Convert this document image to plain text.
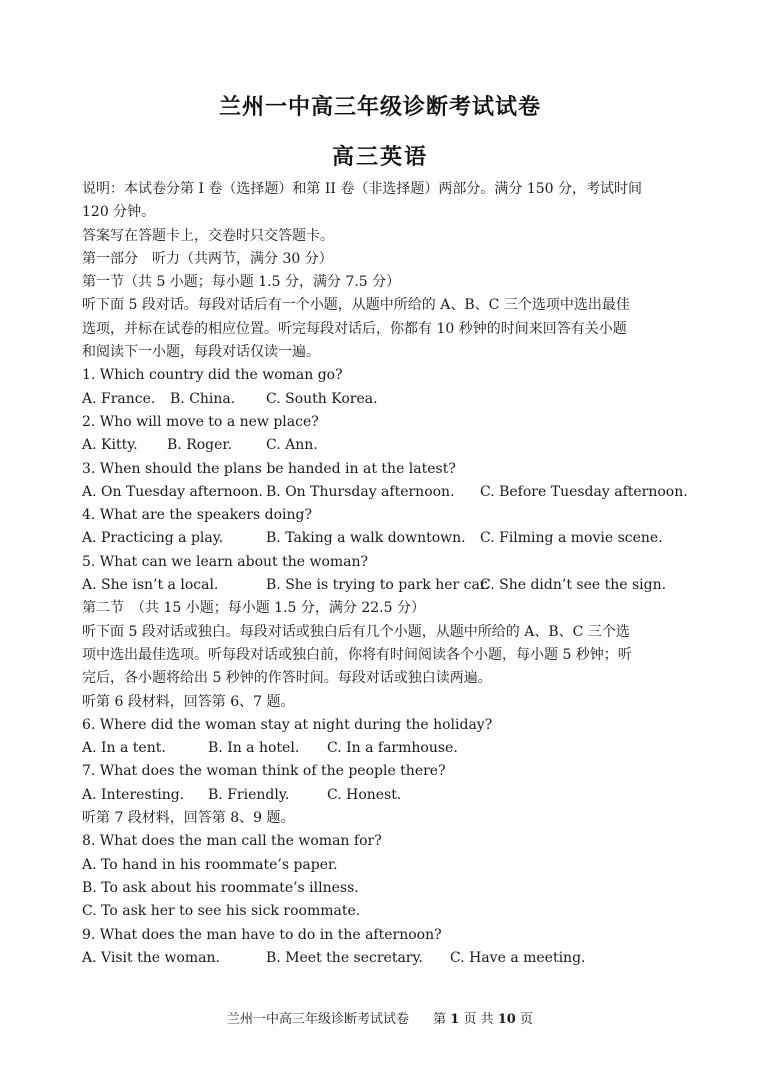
兰州一中高三年级诊断考试试卷
高三英语
说明：本试卷分第 I 卷（选择题）和第 II 卷（非选择题）两部分。满分 150 分，考试时间
120 分钟。
答案写在答题卡上，交卷时只交答题卡。
第一部分　听力（共两节，满分 30 分）
第一节（共 5 小题；每小题 1.5 分，满分 7.5 分）
听下面 5 段对话。每段对话后有一个小题，从题中所给的 A、B、C 三个选项中选出最佳
选项，并标在试卷的相应位置。听完每段对话后，你都有 10 秒钟的时间来回答有关小题
和阅读下一小题，每段对话仅读一遍。
1. Which country did the woman go?
A. France. B. China. C. South Korea.
2. Who will move to a new place?
A. Kitty. B. Roger. C. Ann.
3. When should the plans be handed in at the latest?
A. On Tuesday afternoon. B. On Thursday afternoon. C. Before Tuesday afternoon.
4. What are the speakers doing?
A. Practicing a play.	B. Taking a walk downtown. C. Filming a movie scene.
5. What can we learn about the woman?
A. She isn’t a local.	B. She is trying to park her car.
C. She didn’t see the sign.
第二节　（共 15 小题；每小题 1.5 分，满分 22.5 分）
听下面 5 段对话或独白。每段对话或独白后有几个小题，从题中所给的 A、B、C 三个选
项中选出最佳选项。听每段对话或独白前，你将有时间阅读各个小题，每小题 5 秒钟；听
完后，各小题将给出 5 秒钟的作答时间。每段对话或独白读两遍。
听第 6 段材料，回答第 6、7 题。
6. Where did the woman stay at night during the holiday?
A. In a tent.	B. In a hotel. C. In a farmhouse.
7. What does the woman think of the people there?
A. Interesting. B. Friendly.	C. Honest.
听第 7 段材料，回答第 8、9 题。
8. What does the man call the woman for?
A. To hand in his roommate’s paper.
B. To ask about his roommate’s illness.
C. To ask her to see his sick roommate.
9. What does the man have to do in the afternoon?
A. Visit the woman.	B. Meet the secretary. C. Have a meeting.
兰州一中高三年级诊断考试试卷 第 1 页 共 10 页
